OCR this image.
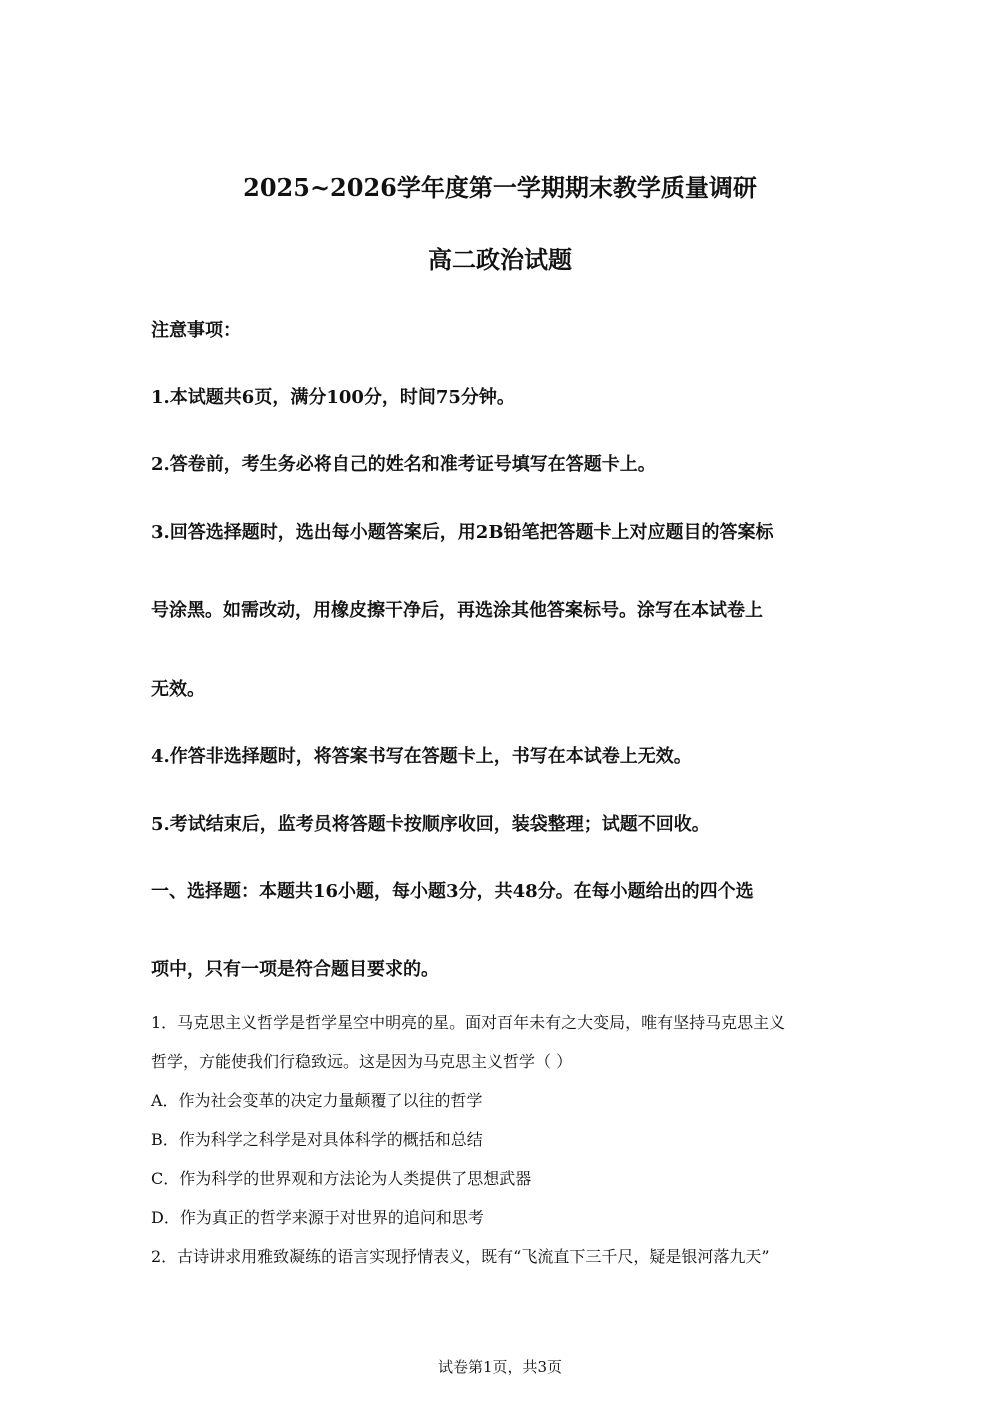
2025~2026学年度第一学期期末教学质量调研

高二政治试题

注意事项：

1.本试题共6页，满分100分，时间75分钟。

2.答卷前，考生务必将自己的姓名和准考证号填写在答题卡上。

3.回答选择题时，选出每小题答案后，用2B铅笔把答题卡上对应题目的答案标

号涂黑。如需改动，用橡皮擦干净后，再选涂其他答案标号。涂写在本试卷上

无效。

4.作答非选择题时，将答案书写在答题卡上，书写在本试卷上无效。

5.考试结束后，监考员将答题卡按顺序收回，装袋整理；试题不回收。

一、选择题：本题共16小题，每小题3分，共48分。在每小题给出的四个选

项中，只有一项是符合题目要求的。

1．马克思主义哲学是哲学星空中明亮的星。面对百年未有之大变局，唯有坚持马克思主义

哲学，方能使我们行稳致远。这是因为马克思主义哲学（ ）

A．作为社会变革的决定力量颠覆了以往的哲学

B．作为科学之科学是对具体科学的概括和总结

C．作为科学的世界观和方法论为人类提供了思想武器

D．作为真正的哲学来源于对世界的追问和思考

2．古诗讲求用雅致凝练的语言实现抒情表义，既有“飞流直下三千尺，疑是银河落九天”

试卷第1页，共3页
